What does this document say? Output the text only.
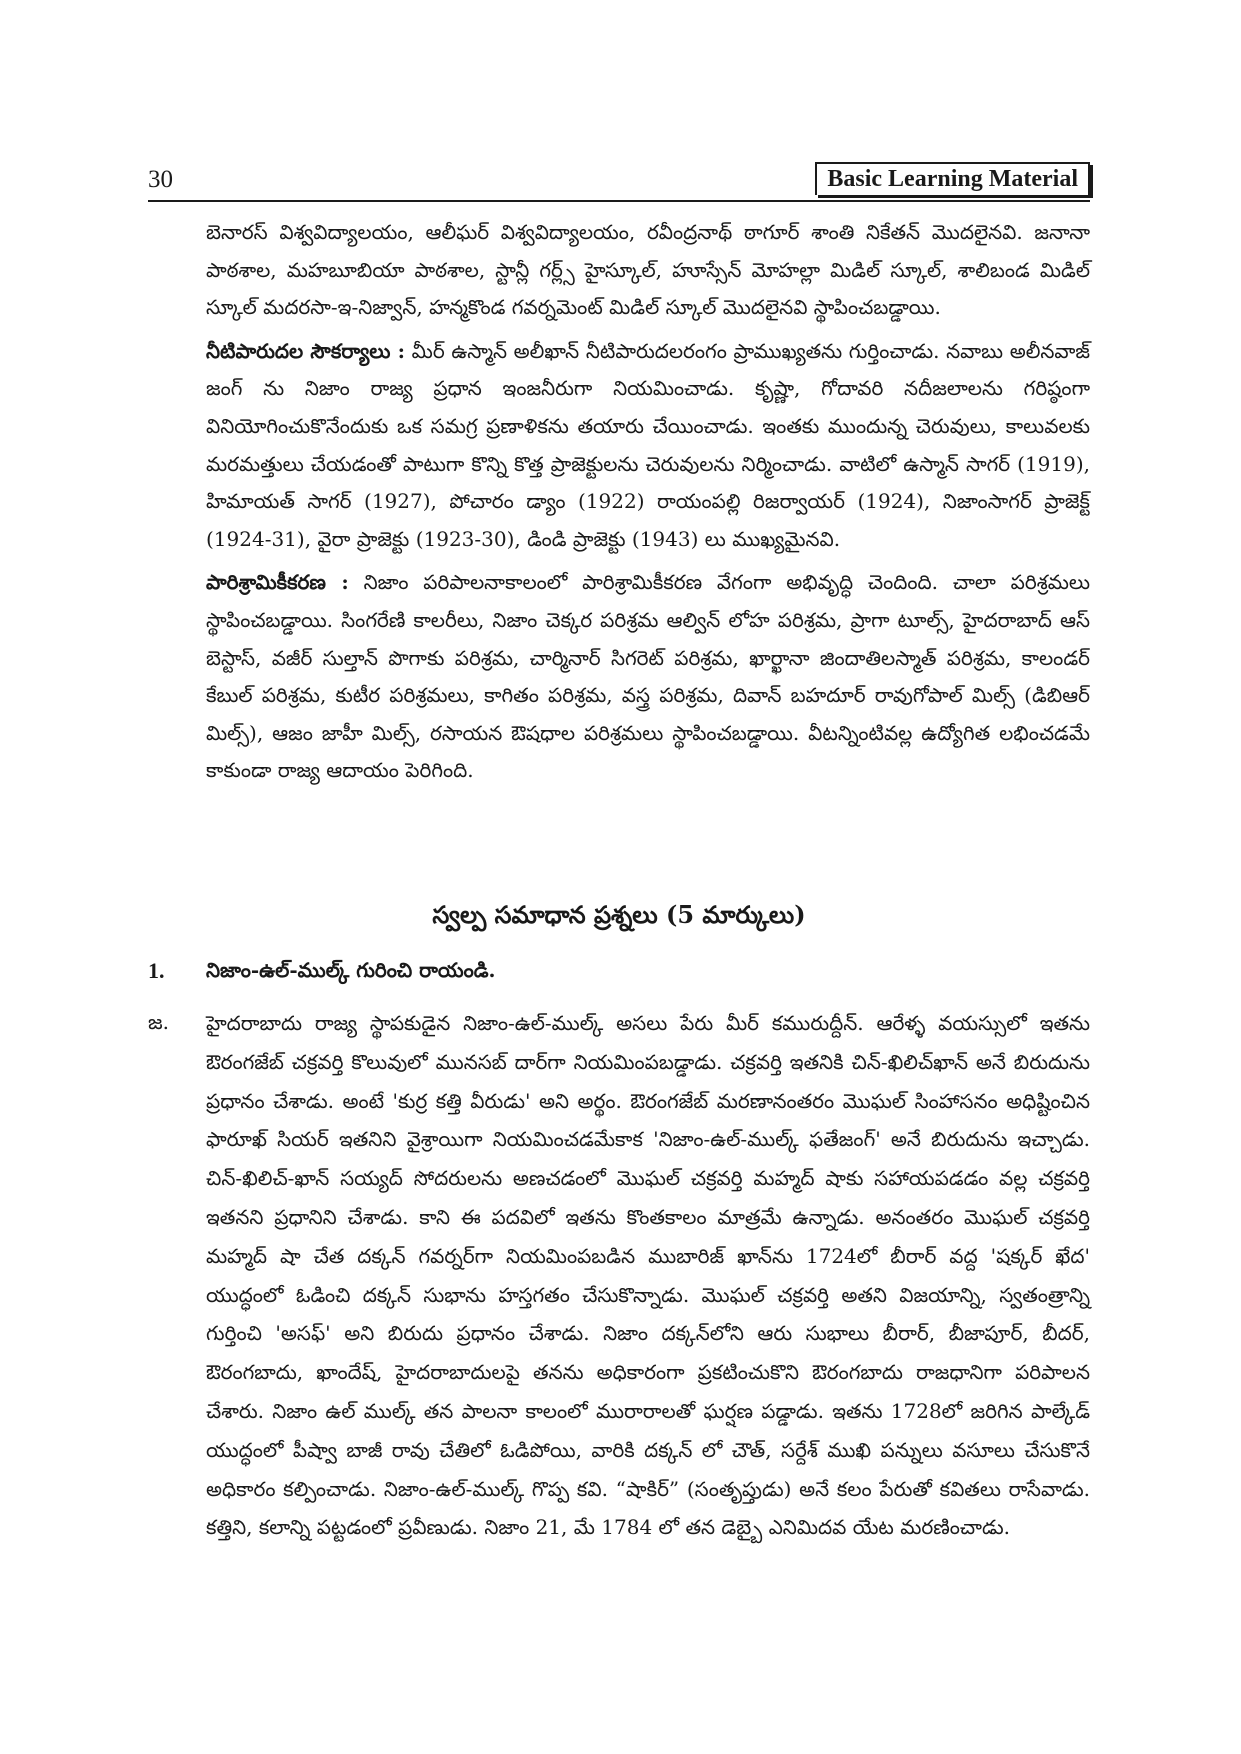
30	Basic Learning Material

బెనారస్ విశ్వవిద్యాలయం, ఆలీఘర్ విశ్వవిద్యాలయం, రవీంద్రనాథ్ ఠాగూర్ శాంతి నికేతన్ మొదలైనవి. జనానా పాఠశాల, మహబూబియా పాఠశాల, స్టాన్లీ గర్ల్స్ హైస్కూల్, హూస్సేన్ మోహల్లా మిడిల్ స్కూల్, శాలిబండ మిడిల్ స్కూల్ మదరసా-ఇ-నిజ్వాన్, హన్మకొండ గవర్నమెంట్ మిడిల్ స్కూల్ మొదలైనవి స్థాపించబడ్డాయి.

నీటిపారుదల సౌకర్యాలు : మీర్ ఉస్మాన్ అలీఖాన్ నీటిపారుదలరంగం ప్రాముఖ్యతను గుర్తించాడు. నవాబు అలీనవాజ్ జంగ్ ను నిజాం రాజ్య ప్రధాన ఇంజనీరుగా నియమించాడు. కృష్ణా, గోదావరి నదీజలాలను గరిష్ఠంగా వినియోగించుకొనేందుకు ఒక సమగ్ర ప్రణాళికను తయారు చేయించాడు. ఇంతకు ముందున్న చెరువులు, కాలువలకు మరమత్తులు చేయడంతో పాటుగా కొన్ని కొత్త ప్రాజెక్టులను చెరువులను నిర్మించాడు. వాటిలో ఉస్మాన్ సాగర్ (1919), హిమాయత్ సాగర్ (1927), పోచారం డ్యాం (1922) రాయంపల్లి రిజర్వాయర్ (1924), నిజాంసాగర్ ప్రాజెక్ట్ (1924-31), వైరా ప్రాజెక్టు (1923-30), డిండి ప్రాజెక్టు (1943) లు ముఖ్యమైనవి.

పారిశ్రామికీకరణ : నిజాం పరిపాలనాకాలంలో పారిశ్రామికీకరణ వేగంగా అభివృద్ధి చెందింది. చాలా పరిశ్రమలు స్థాపించబడ్డాయి. సింగరేణి కాలరీలు, నిజాం చెక్కర పరిశ్రమ ఆల్విన్ లోహ పరిశ్రమ, ప్రాగా టూల్స్, హైదరాబాద్ ఆస్ బెస్టాస్, వజీర్ సుల్తాన్ పొగాకు పరిశ్రమ, చార్మినార్ సిగరెట్ పరిశ్రమ, ఖార్ఖానా జిందాతిలస్మాత్ పరిశ్రమ, కాలండర్ కేబుల్ పరిశ్రమ, కుటీర పరిశ్రమలు, కాగితం పరిశ్రమ, వస్త్ర పరిశ్రమ, దివాన్ బహదూర్ రావుగోపాల్ మిల్స్ (డిబిఆర్ మిల్స్), ఆజం జాహీ మిల్స్, రసాయన ఔషధాల పరిశ్రమలు స్థాపించబడ్డాయి. వీటన్నింటివల్ల ఉద్యోగిత లభించడమే కాకుండా రాజ్య ఆదాయం పెరిగింది.

స్వల్ప సమాధాన ప్రశ్నలు (5 మార్కులు)
1. నిజాం-ఉల్-ముల్క్ గురించి రాయండి.
జ. హైదరాబాదు రాజ్య స్థాపకుడైన నిజాం-ఉల్-ముల్క్ అసలు పేరు మీర్ కమురుద్దీన్. ఆరేళ్ళ వయస్సులో ఇతను ఔరంగజేబ్ చక్రవర్తి కొలువులో మునసబ్ దార్‌గా నియమింపబడ్డాడు. చక్రవర్తి ఇతనికి చిన్-ఖిలిచ్‌ఖాన్ అనే బిరుదును ప్రధానం చేశాడు. అంటే 'కుర్ర కత్తి వీరుడు' అని అర్థం. ఔరంగజేబ్ మరణానంతరం మొఘల్ సింహాసనం అధిష్టించిన ఫారూఖ్ సియర్ ఇతనిని వైశ్రాయిగా నియమించడమేకాక 'నిజాం-ఉల్-ముల్క్ ఫతేజంగ్' అనే బిరుదును ఇచ్చాడు. చిన్-ఖిలిచ్-ఖాన్ సయ్యద్ సోదరులను అణచడంలో మొఘల్ చక్రవర్తి మహ్మద్ షాకు సహాయపడడం వల్ల చక్రవర్తి ఇతనని ప్రధానిని చేశాడు. కాని ఈ పదవిలో ఇతను కొంతకాలం మాత్రమే ఉన్నాడు. అనంతరం మొఘల్ చక్రవర్తి మహ్మద్ షా చేత దక్కన్ గవర్నర్‌గా నియమింపబడిన ముబారిజ్ ఖాన్‌ను 1724లో బీరార్ వద్ద 'షక్కర్ ఖేద' యుద్ధంలో ఓడించి దక్కన్ సుభాను హస్తగతం చేసుకొన్నాడు. మొఘల్ చక్రవర్తి అతని విజయాన్ని, స్వతంత్రాన్ని గుర్తించి 'అసఫ్' అని బిరుదు ప్రధానం చేశాడు. నిజాం దక్కన్‌లోని ఆరు సుభాలు బీరార్, బీజాపూర్, బీదర్, ఔరంగబాదు, ఖాందేష్, హైదరాబాదులపై తనను అధికారంగా ప్రకటించుకొని ఔరంగబాదు రాజధానిగా పరిపాలన చేశారు. నిజాం ఉల్ ముల్క్ తన పాలనా కాలంలో మురారాలతో ఘర్షణ పడ్డాడు. ఇతను 1728లో జరిగిన పాల్కేడ్ యుద్ధంలో పీష్వా బాజీ రావు చేతిలో ఓడిపోయి, వారికి దక్కన్ లో చౌత్, సర్దేశ్ ముఖి పన్నులు వసూలు చేసుకొనే అధికారం కల్పించాడు. నిజాం-ఉల్-ముల్క్ గొప్ప కవి. “షాకిర్” (సంతృప్తుడు) అనే కలం పేరుతో కవితలు రాసేవాడు. కత్తిని, కలాన్ని పట్టడంలో ప్రవీణుడు. నిజాం 21, మే 1784 లో తన డెబ్బై ఎనిమిదవ యేట మరణించాడు.
